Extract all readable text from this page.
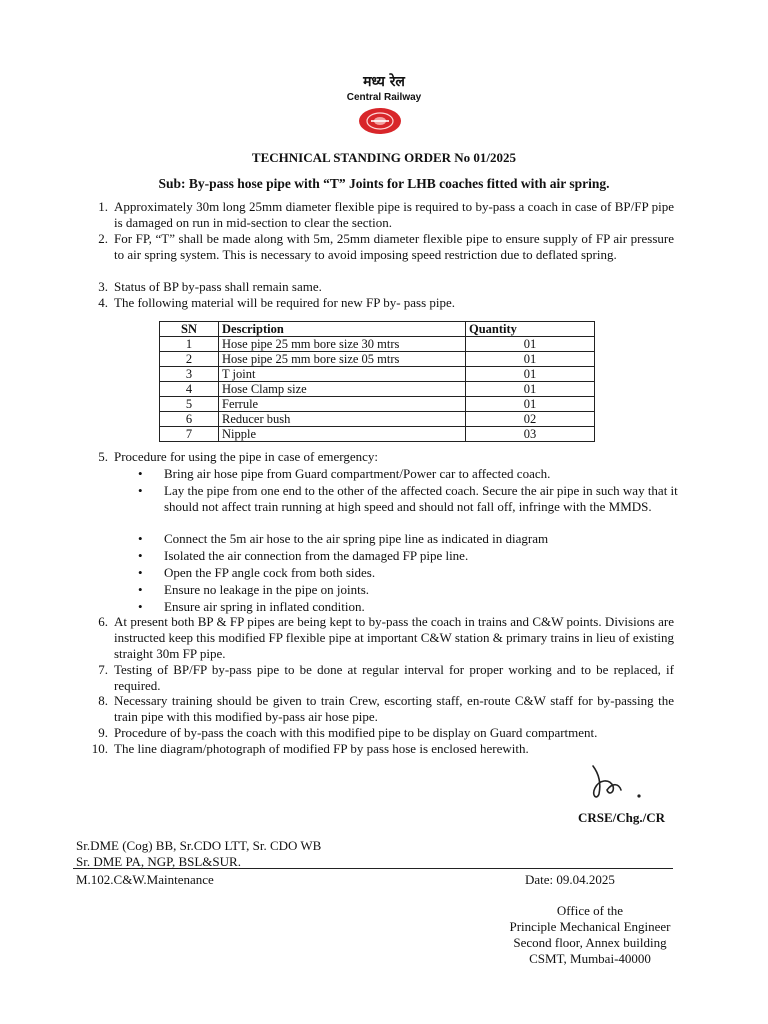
मध्य रेल
Central Railway
TECHNICAL STANDING ORDER No 01/2025
Sub: By-pass hose pipe with “T” Joints for LHB coaches fitted with air spring.
1. Approximately 30m long 25mm diameter flexible pipe is required to by-pass a coach in case of BP/FP pipe is damaged on run in mid-section to clear the section.
2. For FP, “T” shall be made along with 5m, 25mm diameter flexible pipe to ensure supply of FP air pressure to air spring system. This is necessary to avoid imposing speed restriction due to deflated spring.
3. Status of BP by-pass shall remain same.
4. The following material will be required for new FP by- pass pipe.
SN	Description	Quantity
1	Hose pipe 25 mm bore size 30 mtrs	01
2	Hose pipe 25 mm bore size 05 mtrs	01
3	T joint	01
4	Hose Clamp size	01
5	Ferrule	01
6	Reducer bush	02
7	Nipple	03
5. Procedure for using the pipe in case of emergency:
• Bring air hose pipe from Guard compartment/Power car to affected coach.
• Lay the pipe from one end to the other of the affected coach. Secure the air pipe in such way that it should not affect train running at high speed and should not fall off, infringe with the MMDS.
• Connect the 5m air hose to the air spring pipe line as indicated in diagram
• Isolated the air connection from the damaged FP pipe line.
• Open the FP angle cock from both sides.
• Ensure no leakage in the pipe on joints.
• Ensure air spring in inflated condition.
6. At present both BP & FP pipes are being kept to by-pass the coach in trains and C&W points. Divisions are instructed keep this modified FP flexible pipe at important C&W station & primary trains in lieu of existing straight 30m FP pipe.
7. Testing of BP/FP by-pass pipe to be done at regular interval for proper working and to be replaced, if required.
8. Necessary training should be given to train Crew, escorting staff, en-route C&W staff for by-passing the train pipe with this modified by-pass air hose pipe.
9. Procedure of by-pass the coach with this modified pipe to be display on Guard compartment.
10. The line diagram/photograph of modified FP by pass hose is enclosed herewith.
CRSE/Chg./CR
Sr.DME (Cog) BB, Sr.CDO LTT, Sr. CDO WB
Sr. DME PA, NGP, BSL&SUR.
M.102.C&W.Maintenance	Date: 09.04.2025
Office of the
Principle Mechanical Engineer
Second floor, Annex building
CSMT, Mumbai-40000
